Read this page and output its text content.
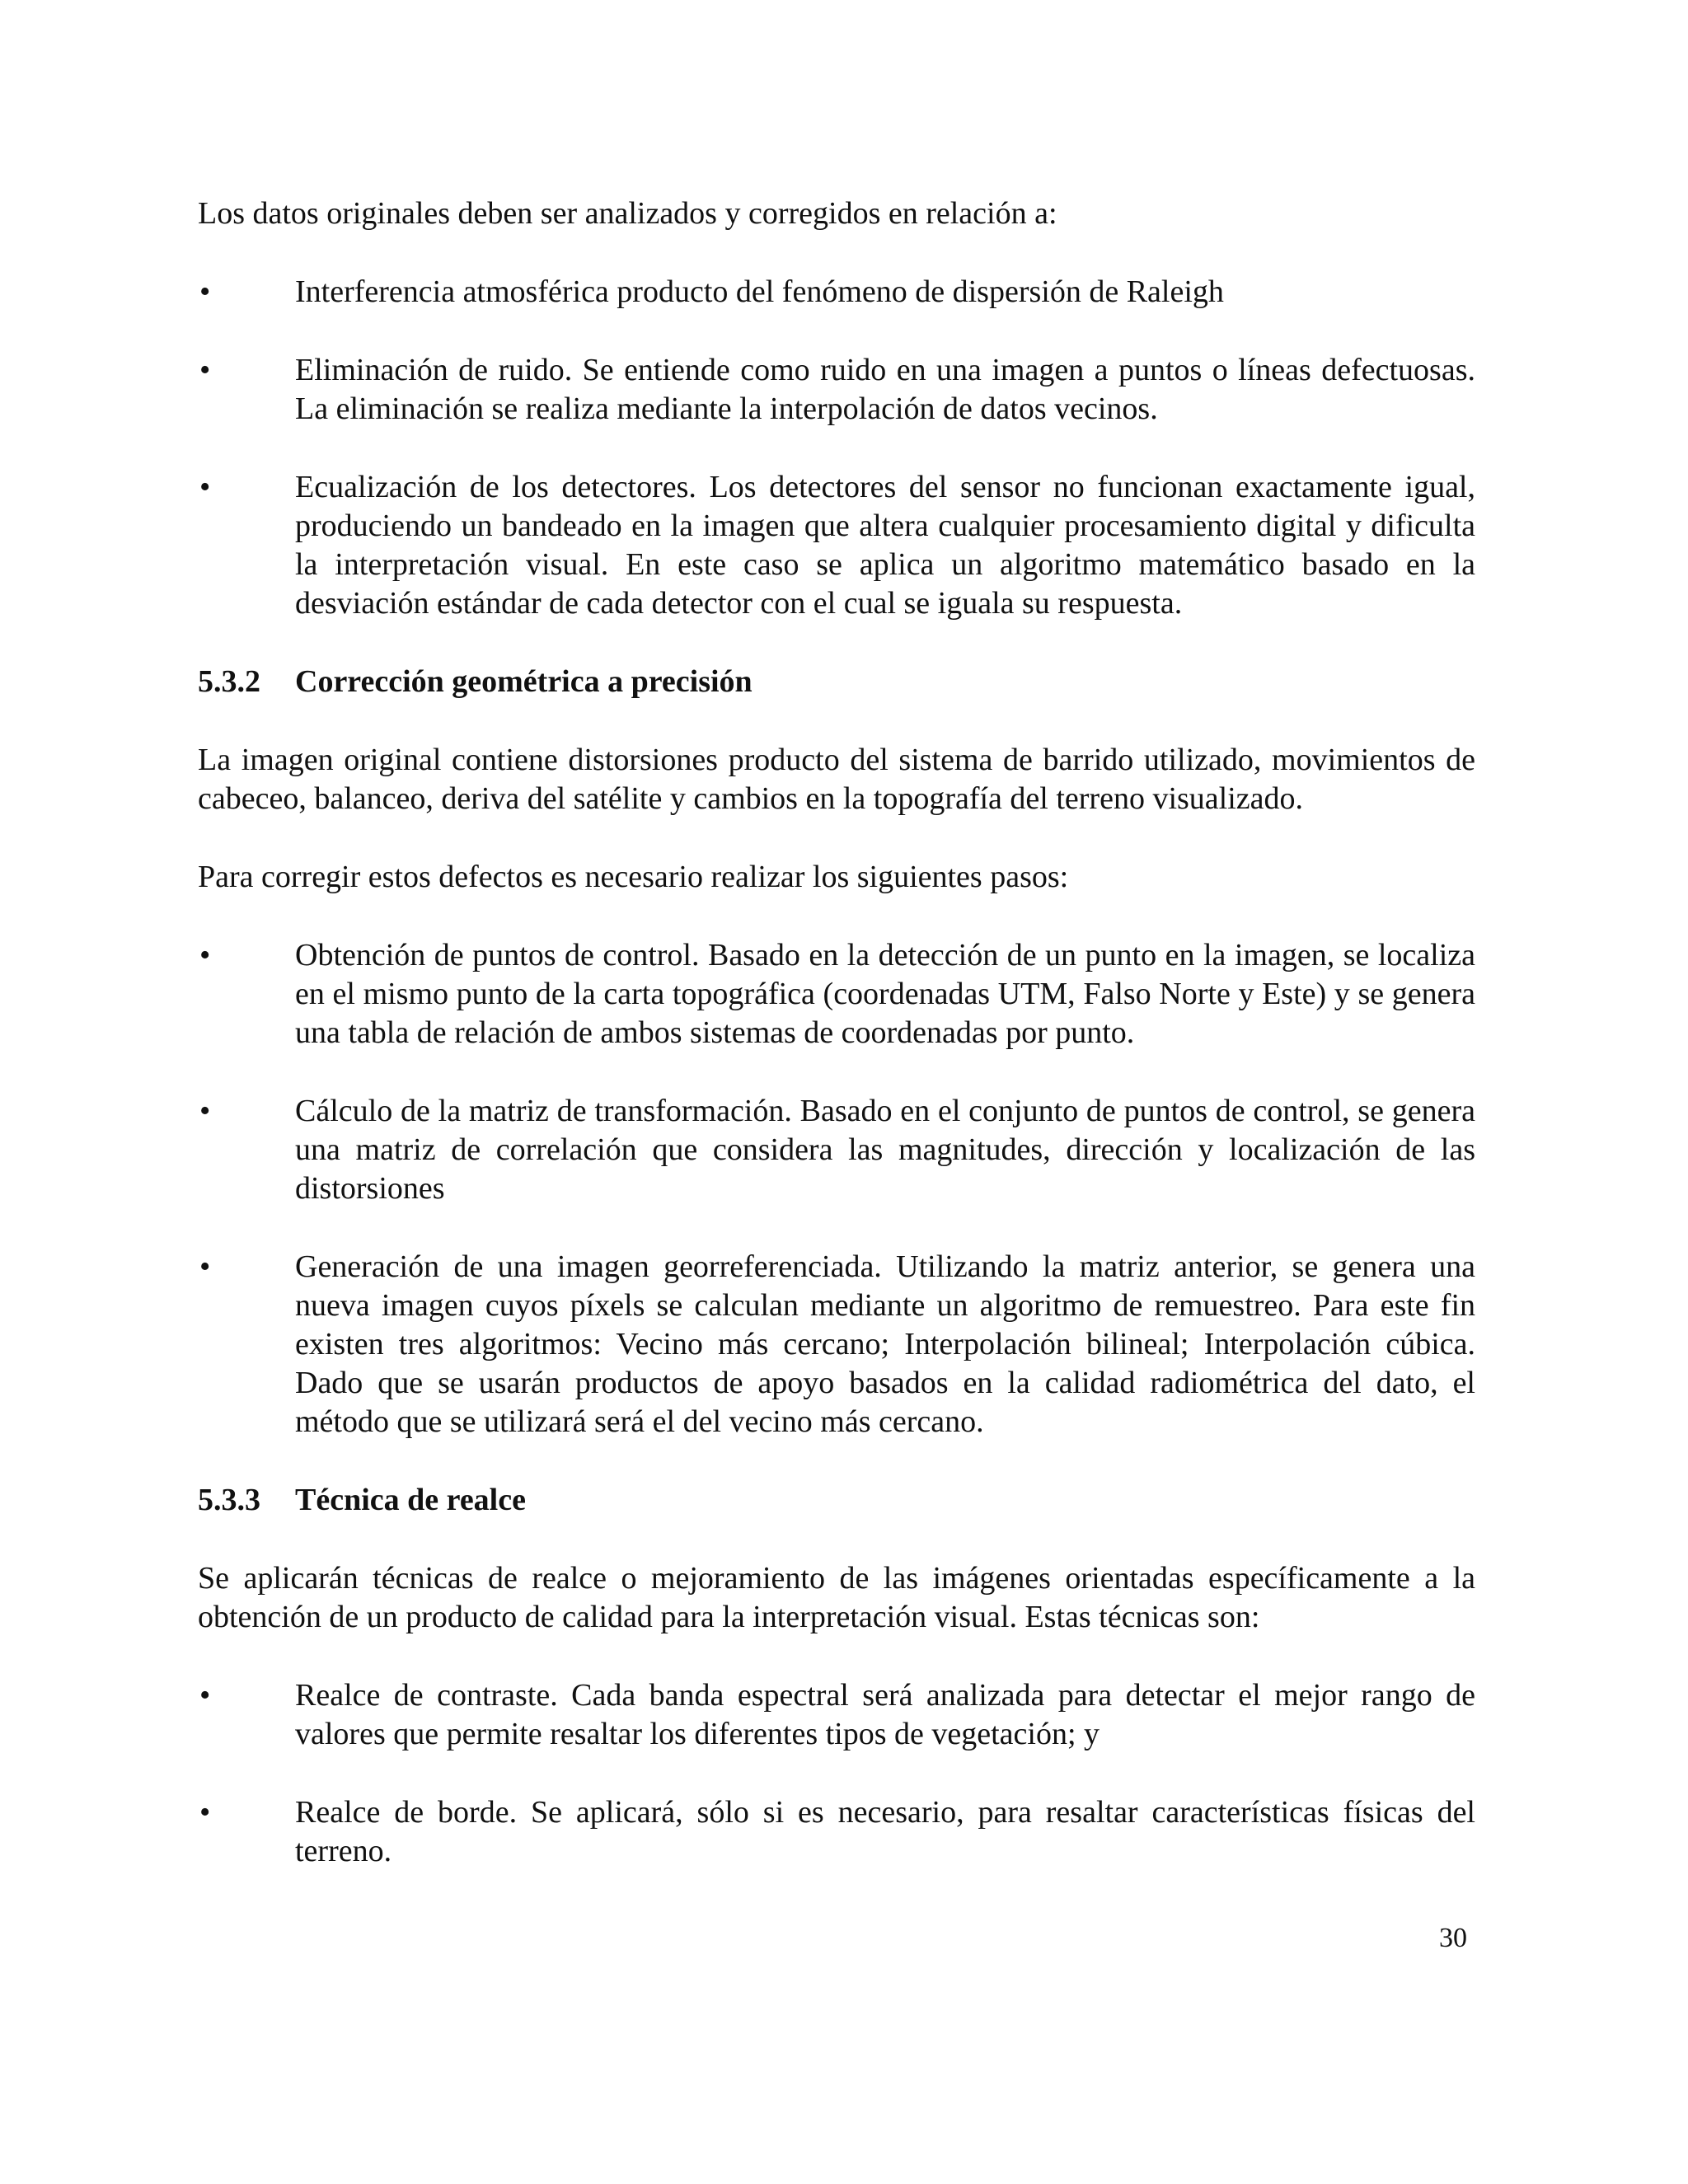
Los datos originales deben ser analizados y corregidos en relación a:

•	Interferencia atmosférica producto del fenómeno de dispersión de Raleigh
•	Eliminación de ruido. Se entiende como ruido en una imagen a puntos o líneas defectuosas. La eliminación se realiza mediante la interpolación de datos vecinos.
•	Ecualización de los detectores. Los detectores del sensor no funcionan exactamente igual, produciendo un bandeado en la imagen que altera cualquier procesamiento digital y dificulta la interpretación visual. En este caso se aplica un algoritmo matemático basado en la desviación estándar de cada detector con el cual se iguala su respuesta.
5.3.2	Corrección geométrica a precisión

La imagen original contiene distorsiones producto del sistema de barrido utilizado, movimientos de cabeceo, balanceo, deriva del satélite y cambios en la topografía del terreno visualizado.

Para corregir estos defectos es necesario realizar los siguientes pasos:

•	Obtención de puntos de control. Basado en la detección de un punto en la imagen, se localiza en el mismo punto de la carta topográfica (coordenadas UTM, Falso Norte y Este) y se genera una tabla de relación de ambos sistemas de coordenadas por punto.
•	Cálculo de la matriz de transformación. Basado en el conjunto de puntos de control, se genera una matriz de correlación que considera las magnitudes, dirección y localización de las distorsiones
•	Generación de una imagen georreferenciada. Utilizando la matriz anterior, se genera una nueva imagen cuyos píxels se calculan mediante un algoritmo de remuestreo. Para este fin existen tres algoritmos: Vecino más cercano; Interpolación bilineal; Interpolación cúbica. Dado que se usarán productos de apoyo basados en la calidad radiométrica del dato, el método que se utilizará será el del vecino más cercano.
5.3.3	Técnica de realce

Se aplicarán técnicas de realce o mejoramiento de las imágenes orientadas específicamente a la obtención de un producto de calidad para la interpretación visual. Estas técnicas son:

•	Realce de contraste. Cada banda espectral será analizada para detectar el mejor rango de valores que permite resaltar los diferentes tipos de vegetación; y
•	Realce de borde. Se aplicará, sólo si es necesario, para resaltar características físicas del terreno.
30
